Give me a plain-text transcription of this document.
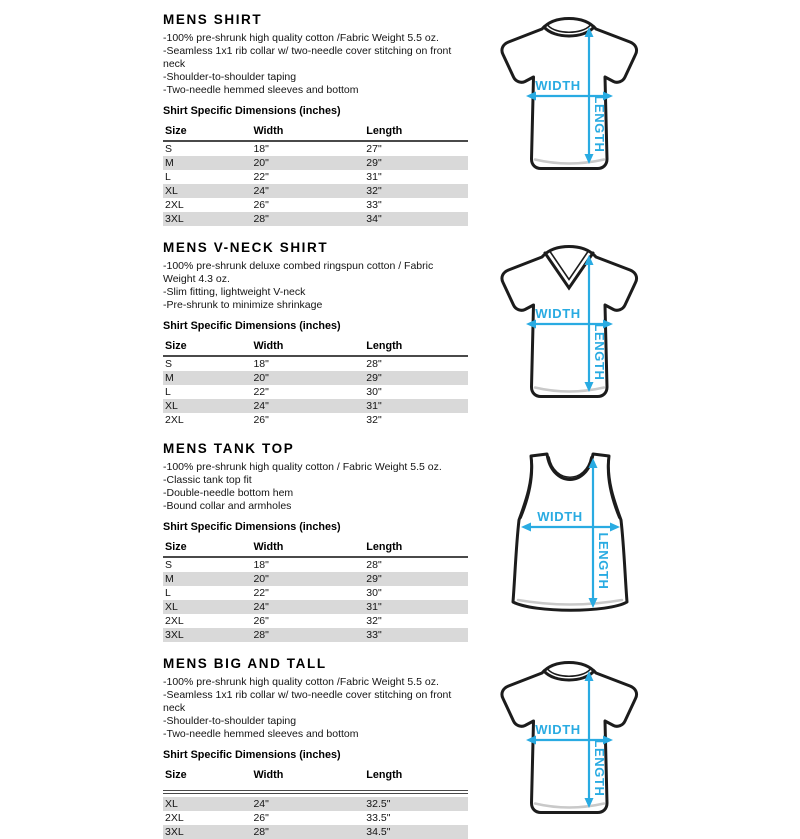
MENS SHIRT
-100% pre-shrunk high quality cotton /Fabric Weight 5.5 oz.
-Seamless 1x1 rib collar w/ two-needle cover stitching on front neck
-Shoulder-to-shoulder taping
-Two-needle hemmed sleeves and bottom
Shirt Specific Dimensions (inches)
Size	Width	Length
S	18"	27"
M	20"	29"
L	22"	31"
XL	24"	32"
2XL	26"	33"
3XL	28"	34"
WIDTH
LENGTH
MENS V-NECK SHIRT
-100% pre-shrunk deluxe combed ringspun cotton / Fabric Weight 4.3 oz.
-Slim fitting, lightweight V-neck
-Pre-shrunk to minimize shrinkage
Shirt Specific Dimensions (inches)
Size	Width	Length
S	18"	28"
M	20"	29"
L	22"	30"
XL	24"	31"
2XL	26"	32"
WIDTH
LENGTH
MENS TANK TOP
-100% pre-shrunk high quality cotton / Fabric Weight 5.5 oz.
-Classic tank top fit
-Double-needle bottom hem
-Bound collar and armholes
Shirt Specific Dimensions (inches)
Size	Width	Length
S	18"	28"
M	20"	29"
L	22"	30"
XL	24"	31"
2XL	26"	32"
3XL	28"	33"
WIDTH
LENGTH
MENS BIG AND TALL
-100% pre-shrunk high quality cotton /Fabric Weight 5.5 oz.
-Seamless 1x1 rib collar w/ two-needle cover stitching on front neck
-Shoulder-to-shoulder taping
-Two-needle hemmed sleeves and bottom
Shirt Specific Dimensions (inches)
Size	Width	Length

XL	24"	32.5"
2XL	26"	33.5"
3XL	28"	34.5"
WIDTH
LENGTH
